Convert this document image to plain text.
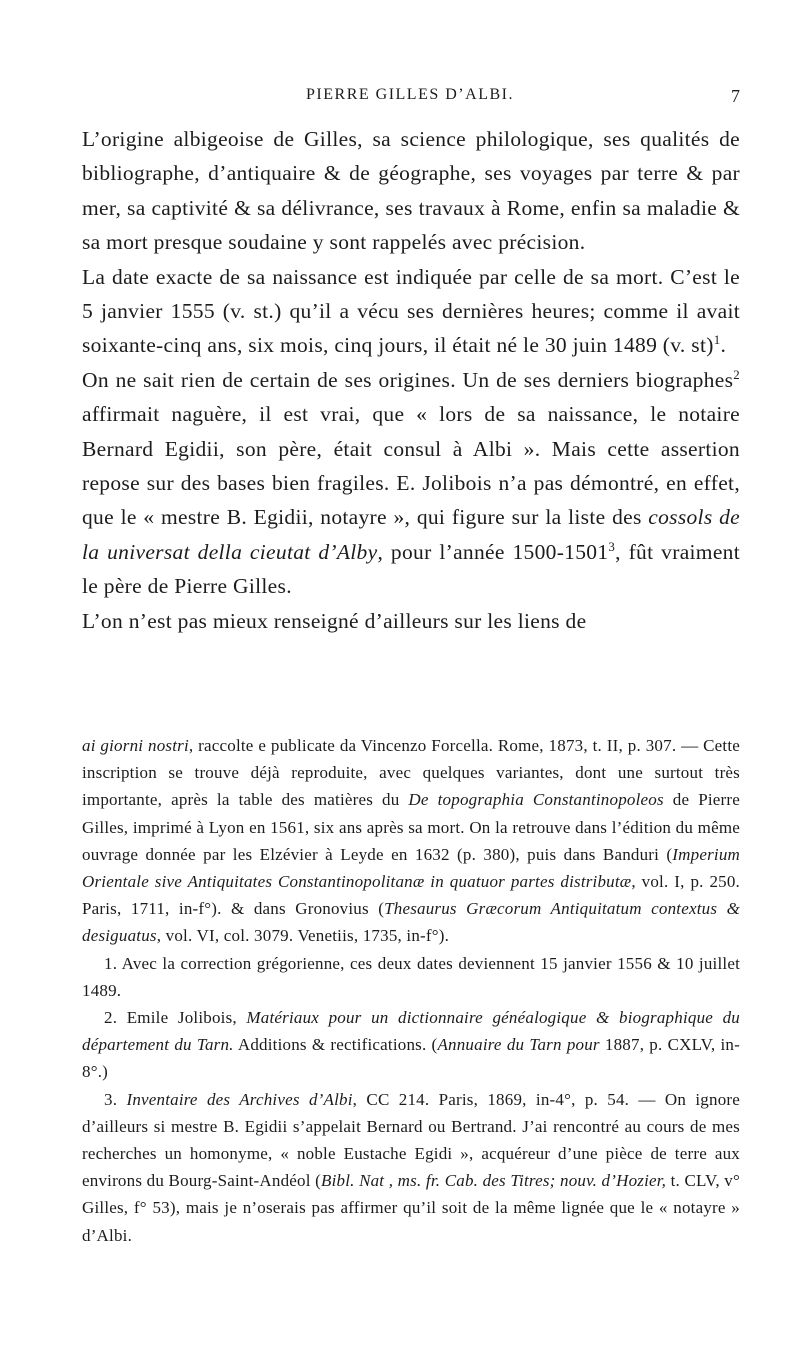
PIERRE GILLES D’ALBI.	7

L’origine albigeoise de Gilles, sa science philologique, ses qualités de bibliographe, d’antiquaire & de géographe, ses voyages par terre & par mer, sa captivité & sa délivrance, ses travaux à Rome, enfin sa maladie & sa mort presque soudaine y sont rappelés avec précision.

La date exacte de sa naissance est indiquée par celle de sa mort. C’est le 5 janvier 1555 (v. st.) qu’il a vécu ses dernières heures; comme il avait soixante-cinq ans, six mois, cinq jours, il était né le 30 juin 1489 (v. st)$^1$.

On ne sait rien de certain de ses origines. Un de ses derniers biographes$^2$ affirmait naguère, il est vrai, que « lors de sa naissance, le notaire Bernard Egidii, son père, était consul à Albi ». Mais cette assertion repose sur des bases bien fragiles. E. Jolibois n’a pas démontré, en effet, que le « mestre B. Egidii, notayre », qui figure sur la liste des cossols de la universat della cieutat d’Alby, pour l’année 1500-1501$^3$, fût vraiment le père de Pierre Gilles.

L’on n’est pas mieux renseigné d’ailleurs sur les liens de

ai giorni nostri, raccolte e publicate da Vincenzo Forcella. Rome, 1873, t. II, p. 307. — Cette inscription se trouve déjà reproduite, avec quelques variantes, dont une surtout très importante, après la table des matières du De topographia Constantinopoleos de Pierre Gilles, imprimé à Lyon en 1561, six ans après sa mort. On la retrouve dans l’édition du même ouvrage donnée par les Elzévier à Leyde en 1632 (p. 380), puis dans Banduri (Imperium Orientale sive Antiquitates Constantinopolitanæ in quatuor partes distributæ, vol. I, p. 250. Paris, 1711, in-f°). & dans Gronovius (Thesaurus Græcorum Antiquitatum contextus & desiguatus, vol. VI, col. 3079. Venetiis, 1735, in-f°).

1. Avec la correction grégorienne, ces deux dates deviennent 15 janvier 1556 & 10 juillet 1489.

2. Emile Jolibois, Matériaux pour un dictionnaire généalogique & biographique du département du Tarn. Additions & rectifications. (Annuaire du Tarn pour 1887, p. CXLV, in-8°.)

3. Inventaire des Archives d’Albi, CC 214. Paris, 1869, in-4°, p. 54. — On ignore d’ailleurs si mestre B. Egidii s’appelait Bernard ou Bertrand. J’ai rencontré au cours de mes recherches un homonyme, « noble Eustache Egidi », acquéreur d’une pièce de terre aux environs du Bourg-Saint-Andéol (Bibl. Nat , ms. fr. Cab. des Titres; nouv. d’Hozier, t. CLV, v° Gilles, f° 53), mais je n’oserais pas affirmer qu’il soit de la même lignée que le « notayre » d’Albi.
